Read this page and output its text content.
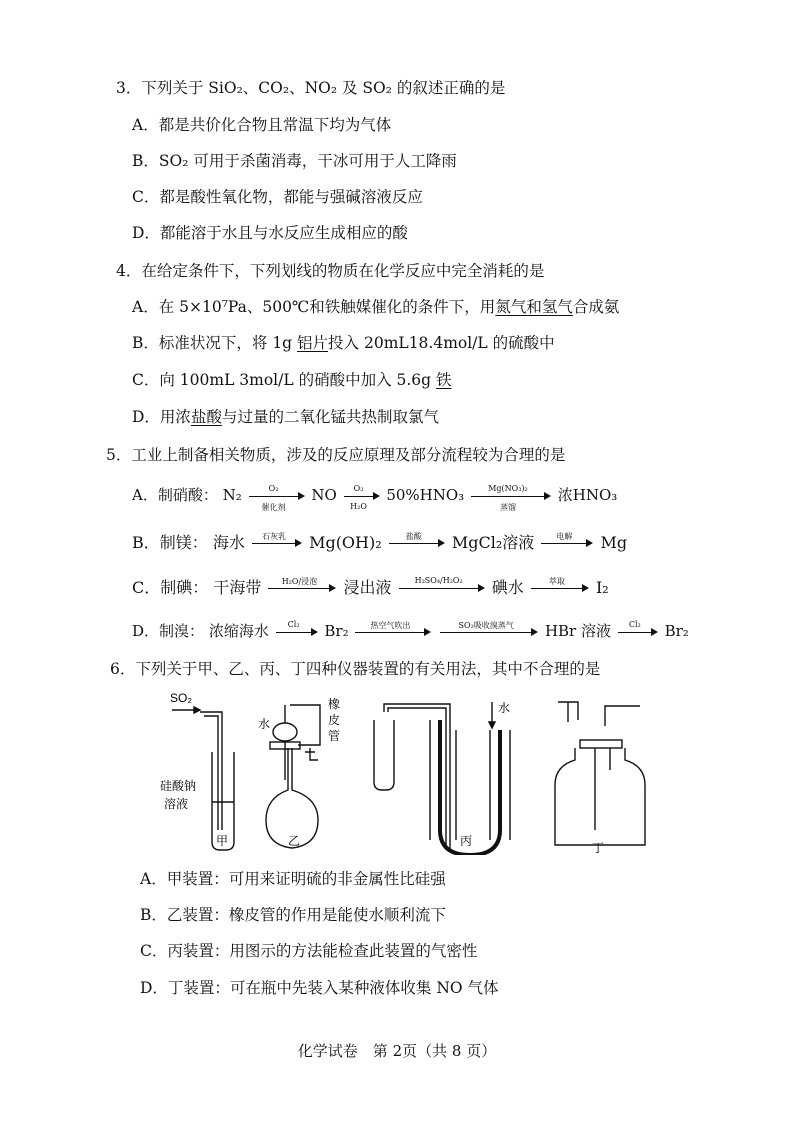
3．下列关于 SiO₂、CO₂、NO₂ 及 SO₂ 的叙述正确的是
A．都是共价化合物且常温下均为气体
B．SO₂ 可用于杀菌消毒，干冰可用于人工降雨
C．都是酸性氧化物，都能与强碱溶液反应
D．都能溶于水且与水反应生成相应的酸
4．在给定条件下，下列划线的物质在化学反应中完全消耗的是
A．在 5×10⁷Pa、500℃和铁触媒催化的条件下，用氮气和氢气合成氨
B．标准状况下，将 1g 铝片投入 20mL18.4mol/L 的硫酸中
C．向 100mL 3mol/L 的硝酸中加入 5.6g 铁
D．用浓盐酸与过量的二氧化锰共热制取氯气
5．工业上制备相关物质，涉及的反应原理及部分流程较为合理的是
A．制硝酸： N₂	O₂
催化剂
NO $\frac{\text{O₂}}{\text{H₂O}} 50\%HNO_3$	Mg(NO₃)₂
蒸馏
浓HNO₃
B．制镁： 海水	石灰乳	Mg(OH)₂	盐酸	MgCl₂溶液	电解	Mg
C．制碘： 干海带	H₂O/浸泡	浸出液	H₂SO₄/H₂O₂	碘水	萃取	I₂
D．制溴： 浓缩海水	Cl₂	Br₂	热空气吹出
	SO₂吸收溴蒸气	HBr 溶液	Cl₂	Br₂
6．下列关于甲、乙、丙、丁四种仪器装置的有关用法，其中不合理的是
SO₂
硅酸钠
溶液
水
橡
皮
管
水
甲	乙	丙	丁
A．甲装置：可用来证明硫的非金属性比硅强
B．乙装置：橡皮管的作用是能使水顺利流下
C．丙装置：用图示的方法能检查此装置的气密性
D．丁装置：可在瓶中先装入某种液体收集 NO 气体
化学试卷　第 2页（共 8 页）
